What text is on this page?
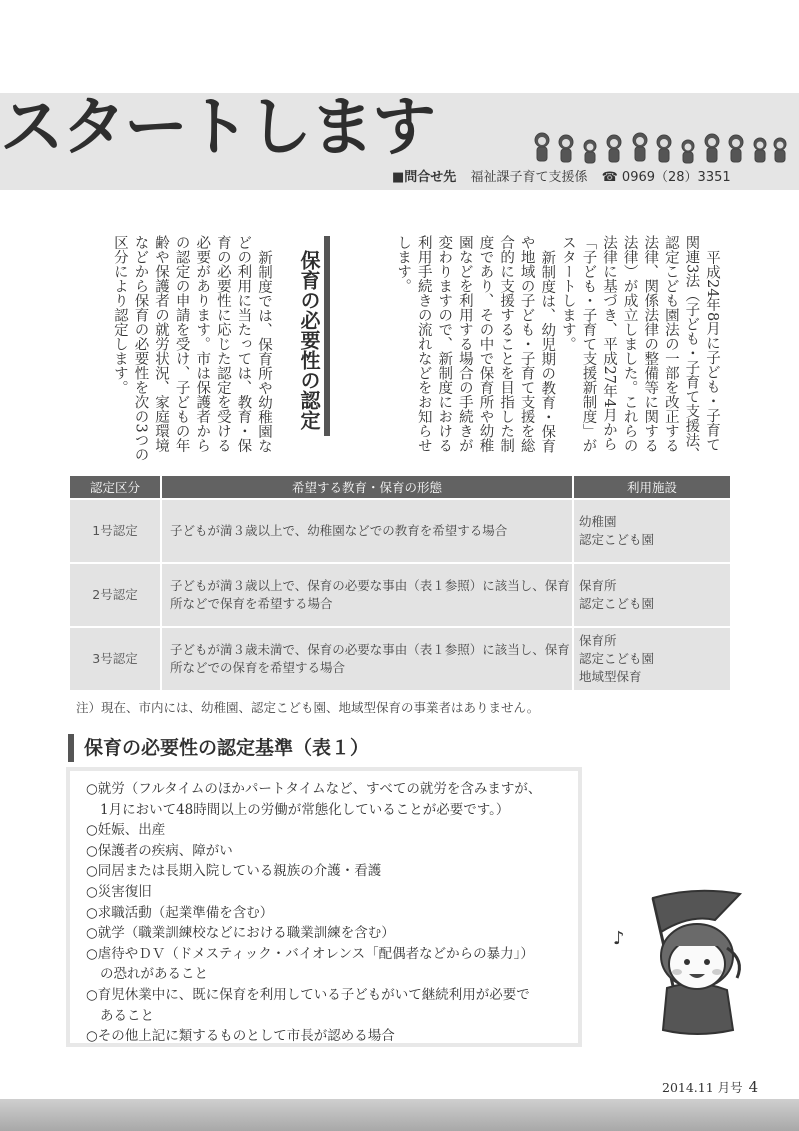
スタートします
■問合せ先 福祉課子育て支援係 ☎ 0969（28）3351

平成24年8月に子ども・子育て関連3法（子ども・子育て支援法、認定こども園法の一部を改正する法律、関係法律の整備等に関する法律）が成立しました。これらの法律に基づき、平成27年4月から「子ども・子育て支援新制度」がスタートします。

新制度は、幼児期の教育・保育や地域の子ども・子育て支援を総合的に支援することを目指した制度であり、その中で保育所や幼稚園などを利用する場合の手続きが変わりますので、新制度における利用手続きの流れなどをお知らせします。

保育の必要性の認定

新制度では、保育所や幼稚園などの利用に当たっては、教育・保育の必要性に応じた認定を受ける必要があります。市は保護者からの認定の申請を受け、子どもの年齢や保護者の就労状況、家庭環境などから保育の必要性を次の3つの区分により認定します。

認定区分	希望する教育・保育の形態	利用施設
1号認定	子どもが満３歳以上で、幼稚園などでの教育を希望する場合	幼稚園
認定こども園

2号認定	子どもが満３歳以上で、保育の必要な事由（表１参照）に該当し、保育所などで保育を希望する場合	保育所
認定こども園

3号認定	子どもが満３歳未満で、保育の必要な事由（表１参照）に該当し、保育所などでの保育を希望する場合	保育所
認定こども園
地域型保育
注）現在、市内には、幼稚園、認定こども園、地域型保育の事業者はありません。
保育の必要性の認定基準（表１）
○就労（フルタイムのほかパートタイムなど、すべての就労を含みますが、
1月において48時間以上の労働が常態化していることが必要です。）
○妊娠、出産
○保護者の疾病、障がい
○同居または長期入院している親族の介護・看護
○災害復旧
○求職活動（起業準備を含む）
○就学（職業訓練校などにおける職業訓練を含む）
○虐待やＤＶ（ドメスティック・バイオレンス「配偶者などからの暴力」）
の恐れがあること
○育児休業中に、既に保育を利用している子どもがいて継続利用が必要で
あること
○その他上記に類するものとして市長が認める場合
♪
2014.11 月号 4
